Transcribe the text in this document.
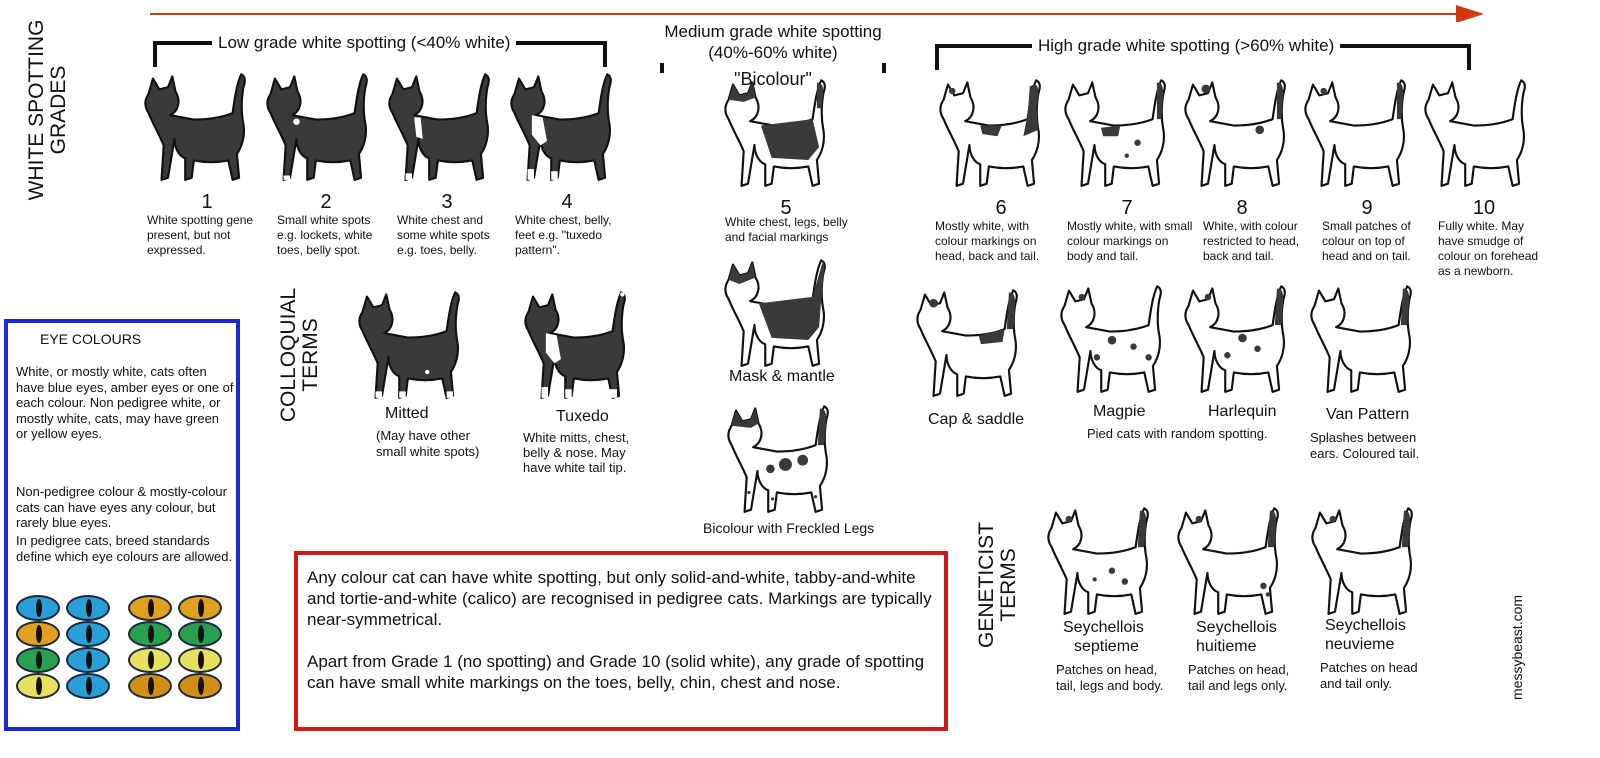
WHITE SPOTTING GRADES
Low grade white spotting (<40% white)
Medium grade white spotting
(40%-60% white)
"Bicolour"
High grade white spotting (>60% white)
1	2	3	4	5	6	7	8	9	10
White spotting gene present, but not expressed.
Small white spots e.g. lockets, white toes, belly spot.
White chest and some white spots e.g. toes, belly.
White chest, belly, feet e.g. "tuxedo pattern".
White chest, legs, belly and facial markings
Mostly white, with colour markings on head, back and tail.
Mostly white, with small colour markings on body and tail.
White, with colour restricted to head, back and tail.
Small patches of colour on top of head and on tail.
Fully white. May have smudge of colour on forehead as a newborn.
COLLOQUIAL TERMS
Mitted
(May have other small white spots)
Tuxedo
White mitts, chest, belly & nose. May have white tail tip.
Mask & mantle
Bicolour with Freckled Legs
Cap & saddle	Magpie	Harlequin
Pied cats with random spotting.
Van Pattern
Splashes between ears. Coloured tail.
GENETICIST TERMS
Seychellois
septieme
Patches on head, tail, legs and body.
Seychellois
huitieme
Patches on head, tail and legs only.
Seychellois
neuvieme
Patches on head and tail only.	messybeast.com
EYE COLOURS
White, or mostly white, cats often have blue eyes, amber eyes or one of each colour. Non pedigree white, or mostly white, cats, may have green or yellow eyes.
Non-pedigree colour & mostly-colour cats can have eyes any colour, but rarely blue eyes.
In pedigree cats, breed standards define which eye colours are allowed.
Any colour cat can have white spotting, but only solid-and-white, tabby-and-white and tortie-and-white (calico) are recognised in pedigree cats. Markings are typically near-symmetrical.
Apart from Grade 1 (no spotting) and Grade 10 (solid white), any grade of spotting can have small white markings on the toes, belly, chin, chest and nose.
